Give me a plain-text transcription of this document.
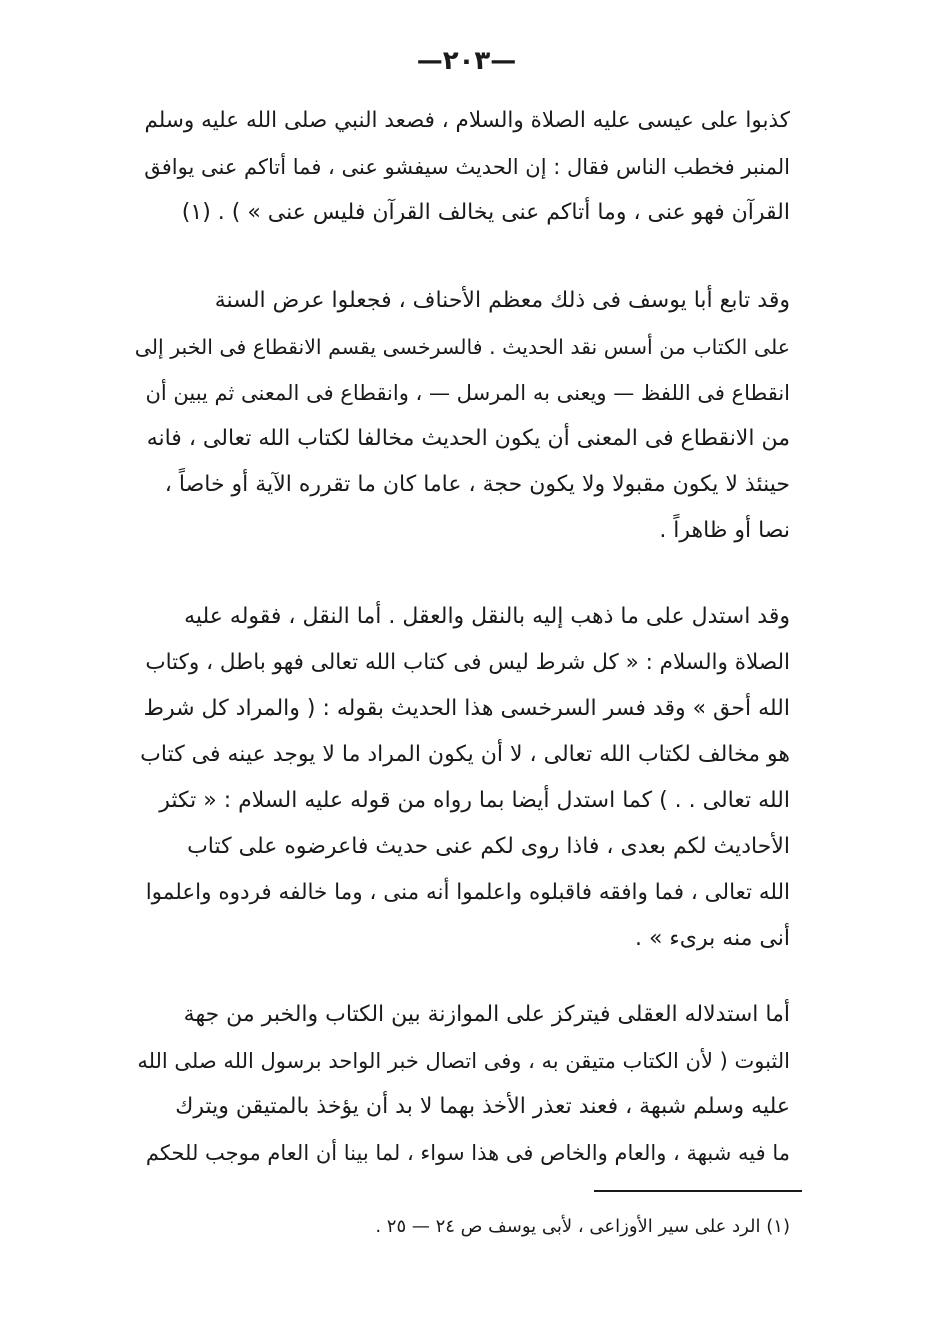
—٢٠٣—

كذبوا على عيسى عليه الصلاة والسلام ، فصعد النبي صلى الله عليه وسلم

المنبر فخطب الناس فقال : إن الحديث سيفشو عنى ، فما أتاكم عنى يوافق

القرآن فهو عنى ، وما أتاكم عنى يخالف القرآن فليس عنى » ) . (١)

وقد تابع أبا يوسف فى ذلك معظم الأحناف ، فجعلوا عرض السنة

على الكتاب من أسس نقد الحديث . فالسرخسى يقسم الانقطاع فى الخبر إلى

انقطاع فى اللفظ — ويعنى به المرسل — ، وانقطاع فى المعنى ثم يبين أن

من الانقطاع فى المعنى أن يكون الحديث مخالفا لكتاب الله تعالى ، فانه

حينئذ لا يكون مقبولا ولا يكون حجة ، عاما كان ما تقرره الآية أو خاصاً ،

نصا أو ظاهراً .

وقد استدل على ما ذهب إليه بالنقل والعقل . أما النقل ، فقوله عليه

الصلاة والسلام : « كل شرط ليس فى كتاب الله تعالى فهو باطل ، وكتاب

الله أحق » وقد فسر السرخسى هذا الحديث بقوله : ( والمراد كل شرط

هو مخالف لكتاب الله تعالى ، لا أن يكون المراد ما لا يوجد عينه فى كتاب

الله تعالى . . ) كما استدل أيضا بما رواه من قوله عليه السلام : « تكثر

الأحاديث لكم بعدى ، فاذا روى لكم عنى حديث فاعرضوه على كتاب

الله تعالى ، فما وافقه فاقبلوه واعلموا أنه منى ، وما خالفه فردوه واعلموا

أنى منه برىء » .

أما استدلاله العقلى فيتركز على الموازنة بين الكتاب والخبر من جهة

الثبوت ( لأن الكتاب متيقن به ، وفى اتصال خبر الواحد برسول الله صلى الله

عليه وسلم شبهة ، فعند تعذر الأخذ بهما لا بد أن يؤخذ بالمتيقن ويترك

ما فيه شبهة ، والعام والخاص فى هذا سواء ، لما بينا أن العام موجب للحكم

(١) الرد على سير الأوزاعى ، لأبى يوسف ص ٢٤ — ٢٥ .
